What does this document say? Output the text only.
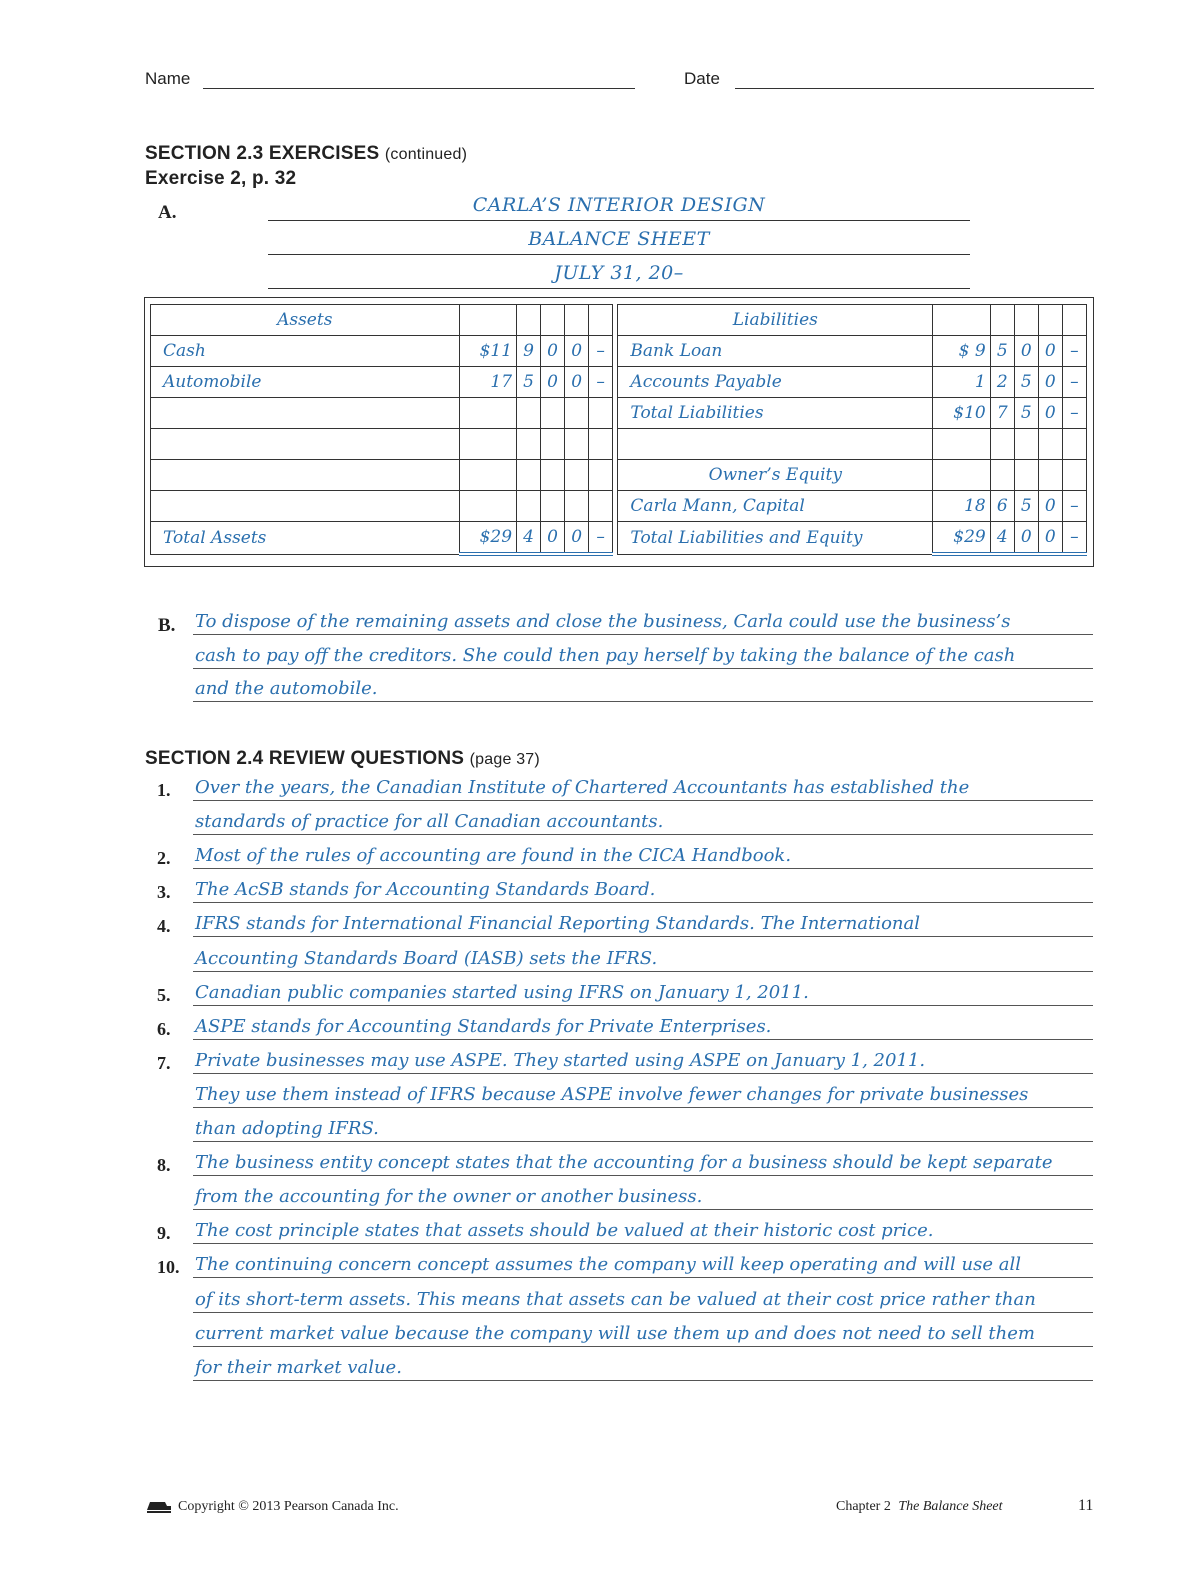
Name	Date
SECTION 2.3 EXERCISES (continued)
Exercise 2, p. 32
A.	CARLA’S INTERIOR DESIGN
BALANCE SHEET
JULY 31, 20–
Assets							Liabilities					
Cash	$11	9	0	0	–		Bank Loan	$ 9	5	0	0	–
Automobile	17	5	0	0	–		Accounts Payable	1	2	5	0	–
							Total Liabilities	$10	7	5	0	–

							Owner’s Equity					
							Carla Mann, Capital	18	6	5	0	–
Total Assets	$29	4	0	0	–		Total Liabilities and Equity	$29	4	0	0	–
B. To dispose of the remaining assets and close the business, Carla could use the business’s
cash to pay off the creditors. She could then pay herself by taking the balance of the cash
and the automobile.
SECTION 2.4 REVIEW QUESTIONS (page 37)
1. Over the years, the Canadian Institute of Chartered Accountants has established the
standards of practice for all Canadian accountants.
2. Most of the rules of accounting are found in the CICA Handbook.
3. The AcSB stands for Accounting Standards Board.
4. IFRS stands for International Financial Reporting Standards. The International
Accounting Standards Board (IASB) sets the IFRS.
5. Canadian public companies started using IFRS on January 1, 2011.
6. ASPE stands for Accounting Standards for Private Enterprises.
7. Private businesses may use ASPE. They started using ASPE on January 1, 2011.
They use them instead of IFRS because ASPE involve fewer changes for private businesses
than adopting IFRS.
8. The business entity concept states that the accounting for a business should be kept separate
from the accounting for the owner or another business.
9. The cost principle states that assets should be valued at their historic cost price.
10. The continuing concern concept assumes the company will keep operating and will use all
of its short-term assets. This means that assets can be valued at their cost price rather than
current market value because the company will use them up and does not need to sell them
for their market value.
Copyright © 2013 Pearson Canada Inc.	Chapter 2 The Balance Sheet	11
